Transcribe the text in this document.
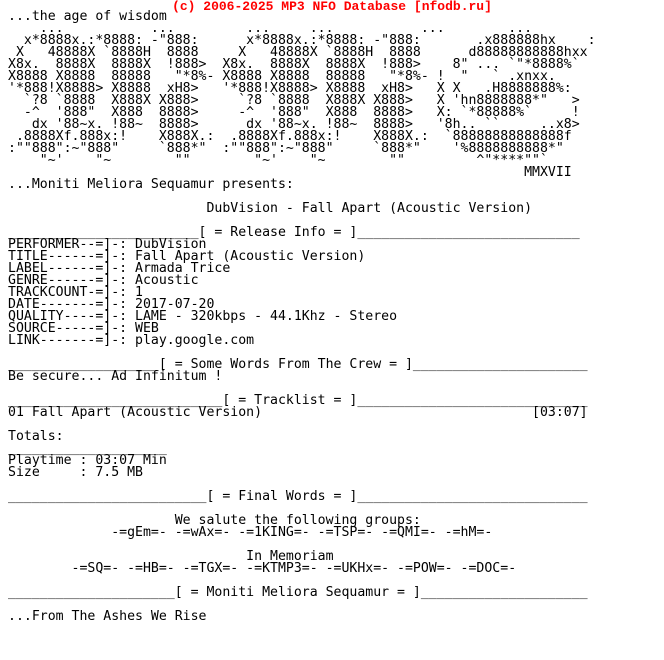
(c) 2006-2025 MP3 NFO Database [nfodb.ru]
...the age of wisdom
...           ...         ...     ...           ...        ...
x*8888x.:*8888: -"888:      x*8888x.:*8888: -"888:       .x888888hx    :
X   48888X `8888H  8888     X   48888X `8888H  8888      d88888888888hxx
X8x.  8888X  8888X  !888>  X8x.  8888X  8888X  !888>    8" ... `"*8888%`
X8888 X8888  88888   "*8%- X8888 X8888  88888   "*8%- !  "   ` .xnxx.
'*888!X8888> X8888  xH8>   '*888!X8888> X8888  xH8>   X X   .H8888888%:
`?8 `8888  X888X X888>     `?8 `8888  X888X X888>   X 'hn8888888*"   >
-^  '888"  X888  8888>     -^  '888"  X888  8888>   X: `*88888%`     !
dx '88~x. !88~  8888>      dx '88~x. !88~  8888>   '8h.. ``     ..x8>
.8888Xf.888x:!    X888X.:  .8888Xf.888x:!    X888X.:  `88888888888888f
:""888":~"888"     `888*"  :""888":~"888"     `888*"    '%8888888888*"
"~'    "~        ""        "~'    "~        ""         ^"****""`
MMXVII
...Moniti Meliora Sequamur presents:

DubVision - Fall Apart (Acoustic Version)

________________________[ = Release Info = ]____________________________
PERFORMER--=]-: DubVision
TITLE------=]-: Fall Apart (Acoustic Version)
LABEL------=]-: Armada Trice
GENRE------=]-: Acoustic
TRACKCOUNT-=]-: 1
DATE-------=]-: 2017-07-20
QUALITY----=]-: LAME - 320kbps - 44.1Khz - Stereo
SOURCE-----=]-: WEB
LINK-------=]-: play.google.com

___________________[ = Some Words From The Crew = ]______________________
Be secure... Ad Infinitum !

___________________________[ = Tracklist = ]_____________________________
01 Fall Apart (Acoustic Version)                                  [03:07]

Totals:
____________________
Playtime : 03:07 Min
Size     : 7.5 MB

_________________________[ = Final Words = ]_____________________________

We salute the following groups:
-=gEm=- -=wAx=- -=1KING=- -=TSP=- -=QMI=- -=hM=-

In Memoriam
-=SQ=- -=HB=- -=TGX=- -=KTMP3=- -=UKHx=- -=POW=- -=DOC=-

_____________________[ = Moniti Meliora Sequamur = ]_____________________

...From The Ashes We Rise
